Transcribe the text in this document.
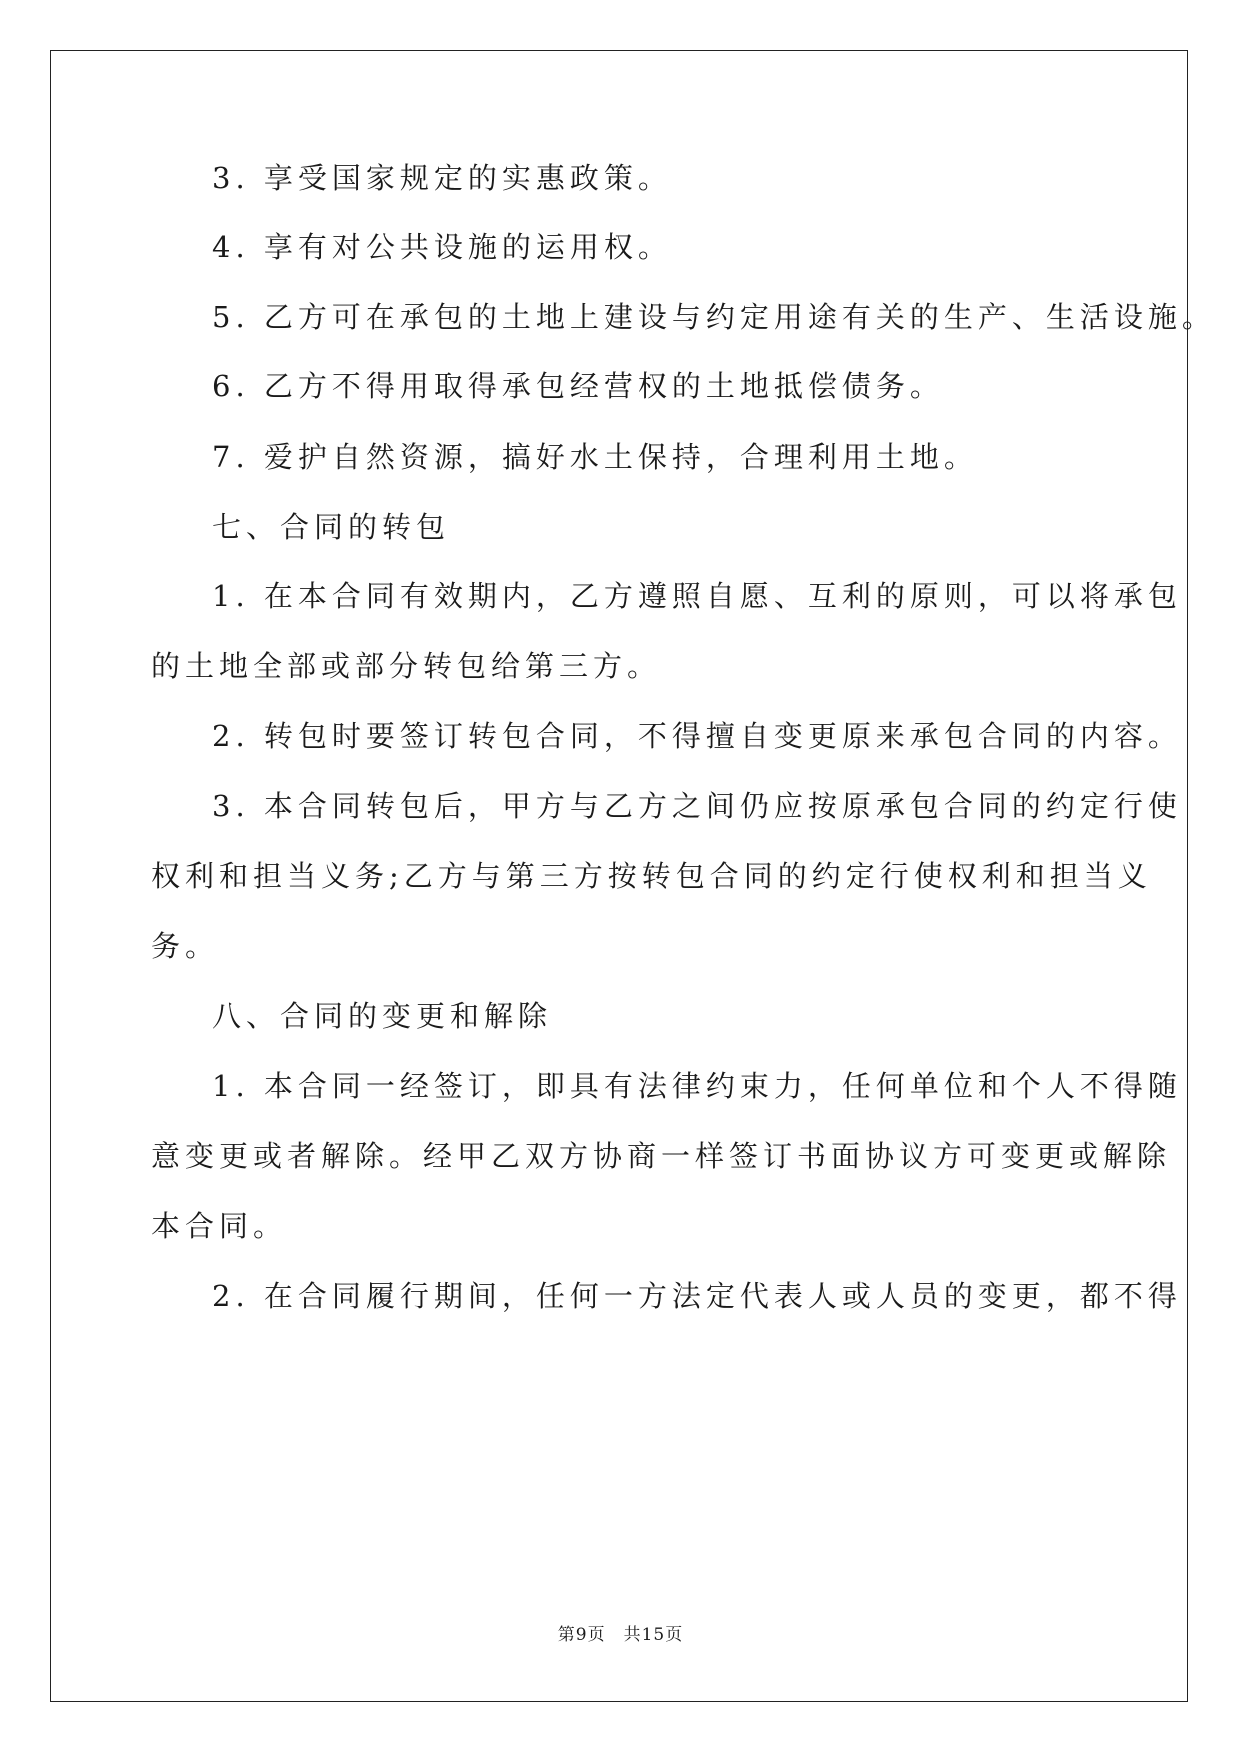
3. 享受国家规定的实惠政策。
4. 享有对公共设施的运用权。
5. 乙方可在承包的土地上建设与约定用途有关的生产、生活设施。
6. 乙方不得用取得承包经营权的土地抵偿债务。
7. 爱护自然资源，搞好水土保持，合理利用土地。
七、合同的转包
1. 在本合同有效期内，乙方遵照自愿、互利的原则，可以将承包
的土地全部或部分转包给第三方。
2. 转包时要签订转包合同，不得擅自变更原来承包合同的内容。
3. 本合同转包后，甲方与乙方之间仍应按原承包合同的约定行使
权利和担当义务;乙方与第三方按转包合同的约定行使权利和担当义
务。
八、合同的变更和解除
1. 本合同一经签订，即具有法律约束力，任何单位和个人不得随
意变更或者解除。经甲乙双方协商一样签订书面协议方可变更或解除
本合同。
2. 在合同履行期间，任何一方法定代表人或人员的变更，都不得
第9页 共15页
